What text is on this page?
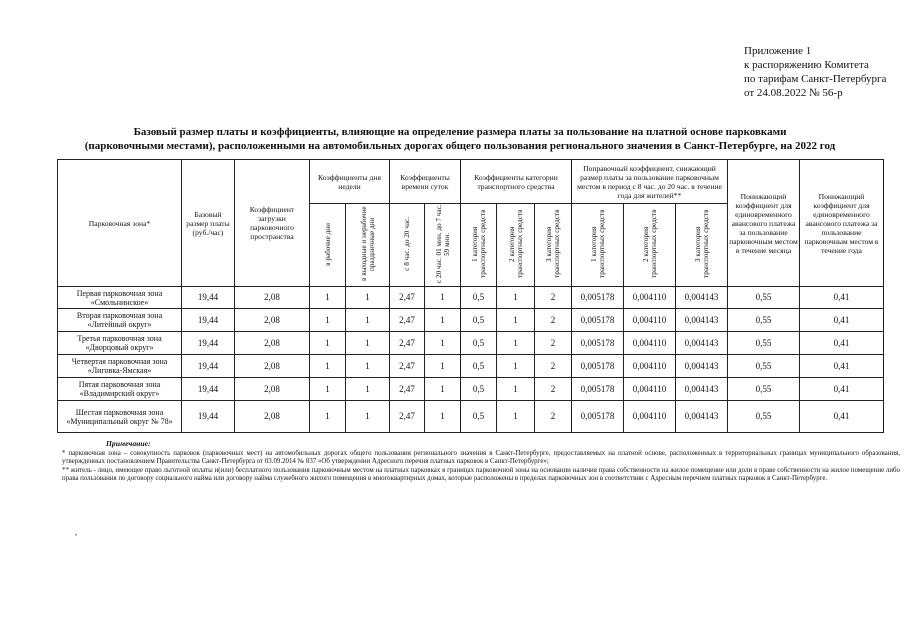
Приложение 1
к распоряжению Комитета
по тарифам Санкт-Петербурга
от 24.08.2022 № 56-р
Базовый размер платы и коэффициенты, влияющие на определение размера платы за пользование на платной основе парковками
(парковочными местами), расположенными на автомобильных дорогах общего пользования регионального значения в Санкт-Петербурге, на 2022 год
Парковочная зона*	Базовый размер платы (руб./час)	Коэффициент загрузки парковочного пространства	Коэффициенты дня недели		Коэффициенты времени суток		Коэффициенты категории транспортного средства			Поправочный коэффициент, снижающий размер платы за пользование парковочным местом в период с 8 час. до 20 час. в течение года для жителей**			Понижающий коэффициент для единовременного авансового платежа за пользование парковочным местом в течение месяца	Понижающий коэффициент для единовременного авансового платежа за пользование парковочным местом в течение года
			в рабочие дни	в выходные и нерабочие праздничные дни	с 8 час. до 20 час.	с 20 час. 01 мин. до 7 час. 59 мин.	1 категория транспортных средств	2 категория транспортных средств	3 категория транспортных средств	1 категория транспортных средств	2 категория транспортных средств	3 категория транспортных средств		
Первая парковочная зона «Смольнинское»	19,44	2,08	1	1	2,47	1	0,5	1	2	0,005178	0,004110	0,004143	0,55	0,41
Вторая парковочная зона «Литейный округ»	19,44	2,08	1	1	2,47	1	0,5	1	2	0,005178	0,004110	0,004143	0,55	0,41
Третья парковочная зона «Дворцовый округ»	19,44	2,08	1	1	2,47	1	0,5	1	2	0,005178	0,004110	0,004143	0,55	0,41
Четвертая парковочная зона «Лиговка-Ямская»	19,44	2,08	1	1	2,47	1	0,5	1	2	0,005178	0,004110	0,004143	0,55	0,41
Пятая парковочная зона «Владимирский округ»	19,44	2,08	1	1	2,47	1	0,5	1	2	0,005178	0,004110	0,004143	0,55	0,41
Шестая парковочная зона «Муниципальный округ № 78»	19,44	2,08	1	1	2,47	1	0,5	1	2	0,005178	0,004110	0,004143	0,55	0,41
Примечание:

* парковочная зона – совокупность парковок (парковочных мест) на автомобильных дорогах общего пользования регионального значения в Санкт-Петербурге, предоставляемых на платной основе, расположенных в территориальных границах муниципального образования, утвержденных постановлением Правительства Санкт-Петербурга от 03.09.2014 № 837 «Об утверждении Адресного перечня платных парковок в Санкт-Петербурге»;

** житель - лицо, имеющее право льготной оплаты и(или) бесплатного пользования парковочным местом на платных парковках в границах парковочной зоны на основании наличия права собственности на жилое помещение или доли в праве собственности на жилое помещение либо права пользования по договору социального найма или договору найма служебного жилого помещения в многоквартирных домах, которые расположены в пределах парковочных зон в соответствии с Адресным перечнем платных парковок в Санкт-Петербурге.

,
